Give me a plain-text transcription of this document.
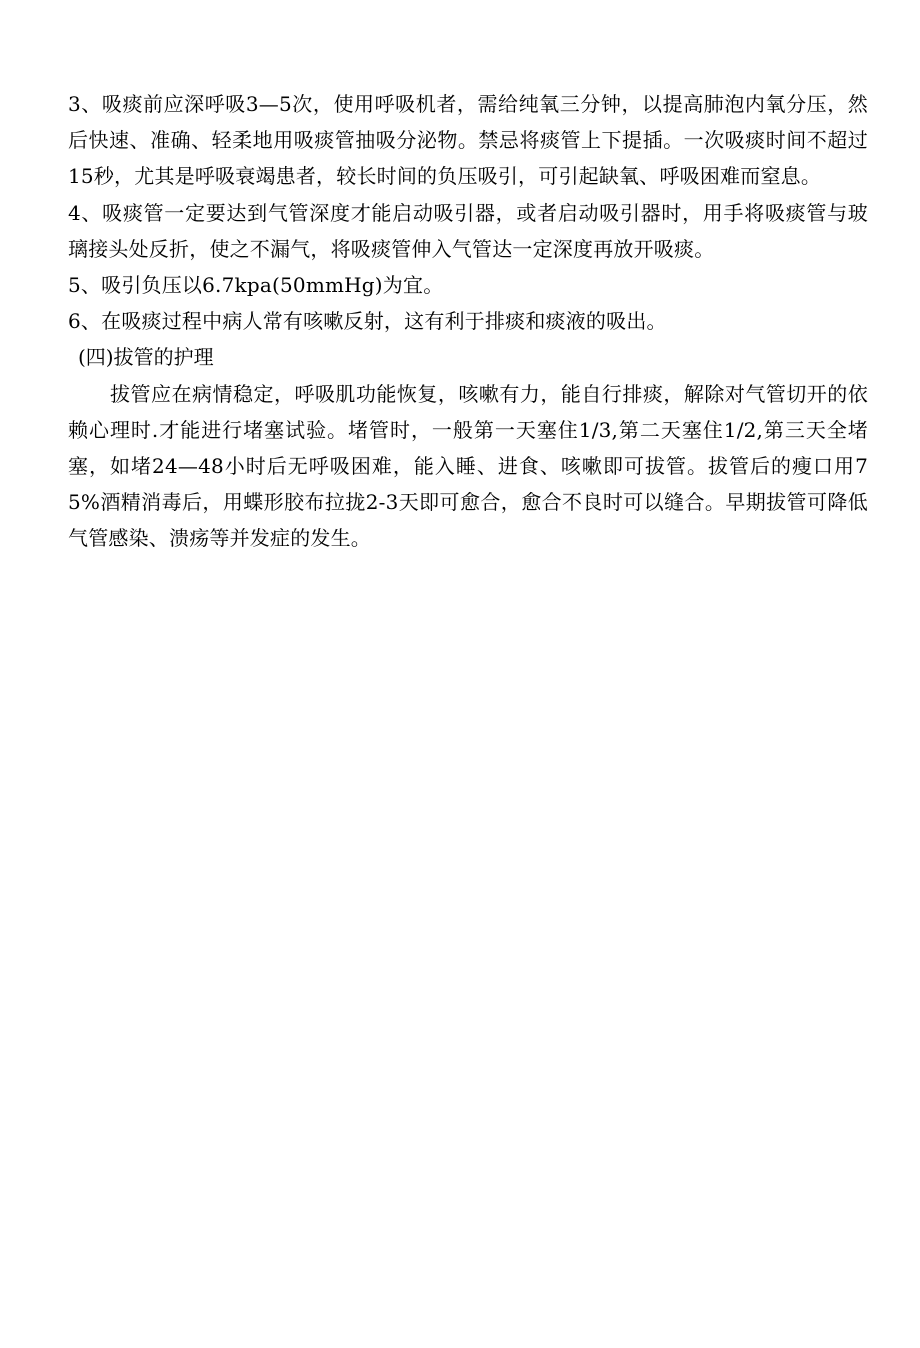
3、吸痰前应深呼吸3—5次，使用呼吸机者，需给纯氧三分钟，以提高肺泡内氧分压，然后快速、准确、轻柔地用吸痰管抽吸分泌物。禁忌将痰管上下提插。一次吸痰时间不超过15秒，尤其是呼吸衰竭患者，较长时间的负压吸引，可引起缺氧、呼吸困难而窒息。

4、吸痰管一定要达到气管深度才能启动吸引器，或者启动吸引器时，用手将吸痰管与玻璃接头处反折，使之不漏气，将吸痰管伸入气管达一定深度再放开吸痰。

5、吸引负压以6.7kpa(50mmHg)为宜。

6、在吸痰过程中病人常有咳嗽反射，这有利于排痰和痰液的吸出。

(四)拔管的护理

拔管应在病情稳定，呼吸肌功能恢复，咳嗽有力，能自行排痰，解除对气管切开的依赖心理时.才能进行堵塞试验。堵管时，一般第一天塞住1/3,第二天塞住1/2,第三天全堵塞，如堵24—48小时后无呼吸困难，能入睡、进食、咳嗽即可拔管。拔管后的瘦口用75%酒精消毒后，用蝶形胶布拉拢2-3天即可愈合，愈合不良时可以缝合。早期拔管可降低气管感染、溃疡等并发症的发生。
